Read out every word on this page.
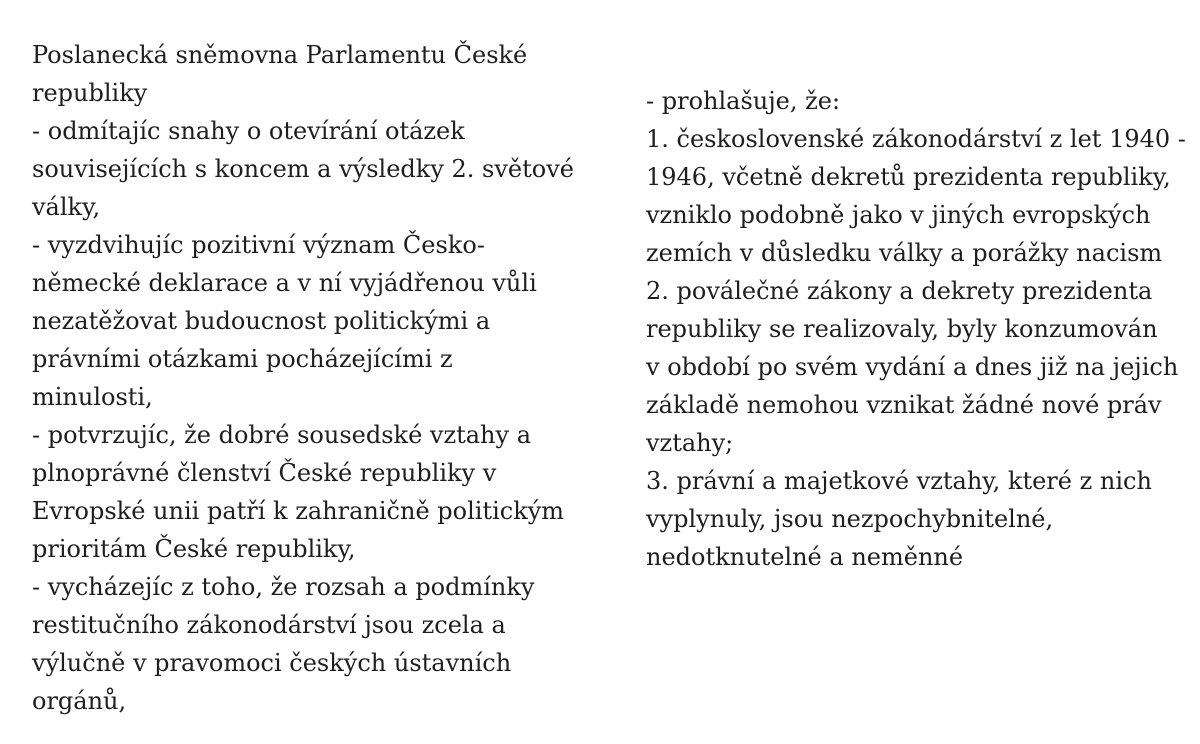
Poslanecká sněmovna Parlamentu České
republiky
- odmítajíc snahy o otevírání otázek
souvisejících s koncem a výsledky 2. světové
války,
- vyzdvihujíc pozitivní význam Česko-
německé deklarace a v ní vyjádřenou vůli
nezatěžovat budoucnost politickými a
právními otázkami pocházejícími z
minulosti,
- potvrzujíc, že dobré sousedské vztahy a
plnoprávné členství České republiky v
Evropské unii patří k zahraničně politickým
prioritám České republiky,
- vycházejíc z toho, že rozsah a podmínky
restitučního zákonodárství jsou zcela a
výlučně v pravomoci českých ústavních
orgánů,
- prohlašuje, že:
1. československé zákonodárství z let 1940 -
1946, včetně dekretů prezidenta republiky,
vzniklo podobně jako v jiných evropských
zemích v důsledku války a porážky nacism
2. poválečné zákony a dekrety prezidenta
republiky se realizovaly, byly konzumován
v období po svém vydání a dnes již na jejich
základě nemohou vznikat žádné nové práv
vztahy;
3. právní a majetkové vztahy, které z nich
vyplynuly, jsou nezpochybnitelné,
nedotknutelné a neměnné
